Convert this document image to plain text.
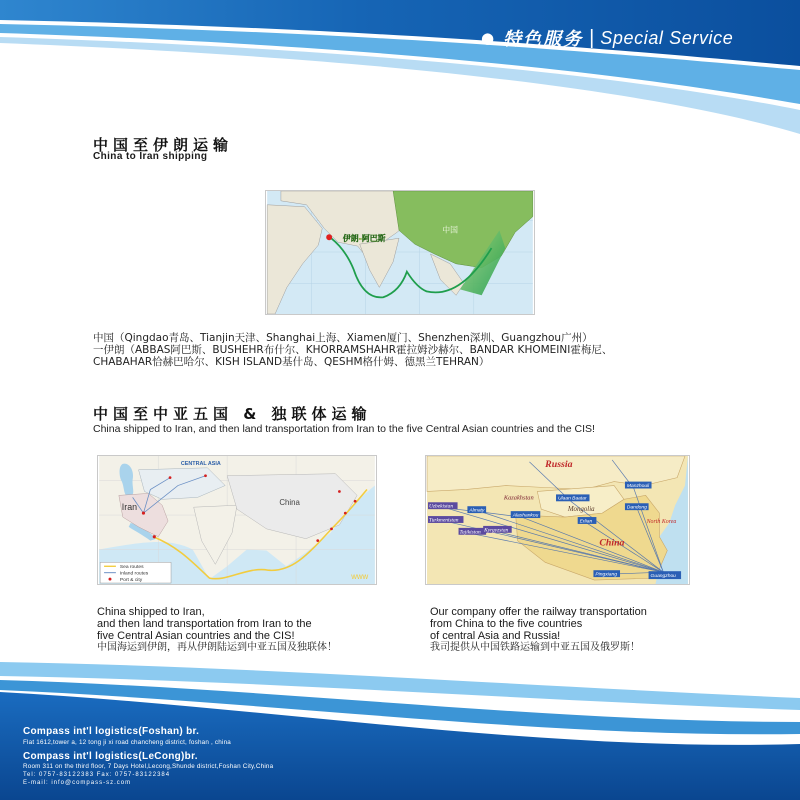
● 特色服务 | Special Service
中国至伊朗运输
China to Iran shipping
伊朗-阿巴斯
中国
中国（Qingdao青岛、Tianjin天津、Shanghai上海、Xiamen厦门、Shenzhen深圳、Guangzhou广州）
一伊朗（ABBAS阿巴斯、BUSHEHR布什尔、KHORRAMSHAHR霍拉姆沙赫尔、BANDAR KHOMEINI霍梅尼、
CHABAHAR恰赫巴哈尔、KISH ISLAND基什岛、QESHM格什姆、德黑兰TEHRAN）
中国至中亚五国 & 独联体运输
China shipped to Iran, and then land transportation from Iran to the five Central Asian countries and the CIS!
CENTRAL ASIA
Iran	China
www
Sea routes
Inland routes
Port & city
Russia
Kazakhstan
Mongolia
China
North Korea
Uzbekistan
Turkmenistan
Tajikistan Kyrgyzstan
Ulaan Baatar
Manzhouli
Almaty
Alashankou
Dandong
Erlian
Pingxiang	Guangzhou
China shipped to Iran,
and then land transportation from Iran to the
five Central Asian countries and the CIS!
中国海运到伊朗，再从伊朗陆运到中亚五国及独联体！
Our company offer the railway transportation
from China to the five countries
of central Asia and Russia!
我司提供从中国铁路运输到中亚五国及俄罗斯！
Compass int'l logistics(Foshan) br.
Flat 1612,tower a, 12 tong ji xi road chancheng district, foshan , china
Compass int'l logistics(LeCong)br.
Room 311 on the third floor, 7 Days Hotel,Lecong,Shunde district,Foshan City,China
Tel: 0757-83122383 Fax: 0757-83122384
E-mail: info@compass-sz.com
